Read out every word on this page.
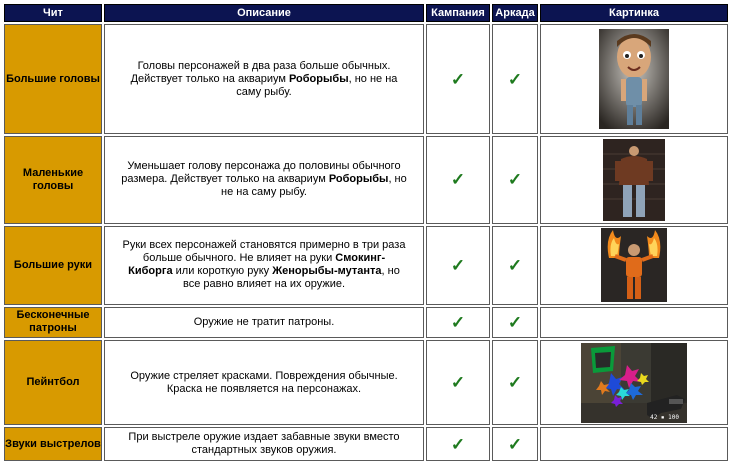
Чит	Описание	Кампания	Аркада	Картинка
Большие головы	Головы персонажей в два раза больше обычных. Действует только на аквариум Роборыбы, но не на саму рыбу.	✓	✓	

Маленькие головы	Уменьшает голову персонажа до половины обычного размера. Действует только на аквариум Роборыбы, но не на саму рыбу.	✓	✓	

Большие руки	Руки всех персонажей становятся примерно в три раза больше обычного. Не влияет на руки Смокинг-Киборга или короткую руку Женорыбы-мутанта, но все равно влияет на их оружие.	✓	✓	

Бесконечные патроны	Оружие не тратит патроны.	✓	✓	
Пейнтбол	Оружие стреляет красками. Повреждения обычные. Краска не появляется на персонажах.	✓	✓	42 ▪ 100

Звуки выстрелов	При выстреле оружие издает забавные звуки вместо стандартных звуков оружия.	✓	✓	
